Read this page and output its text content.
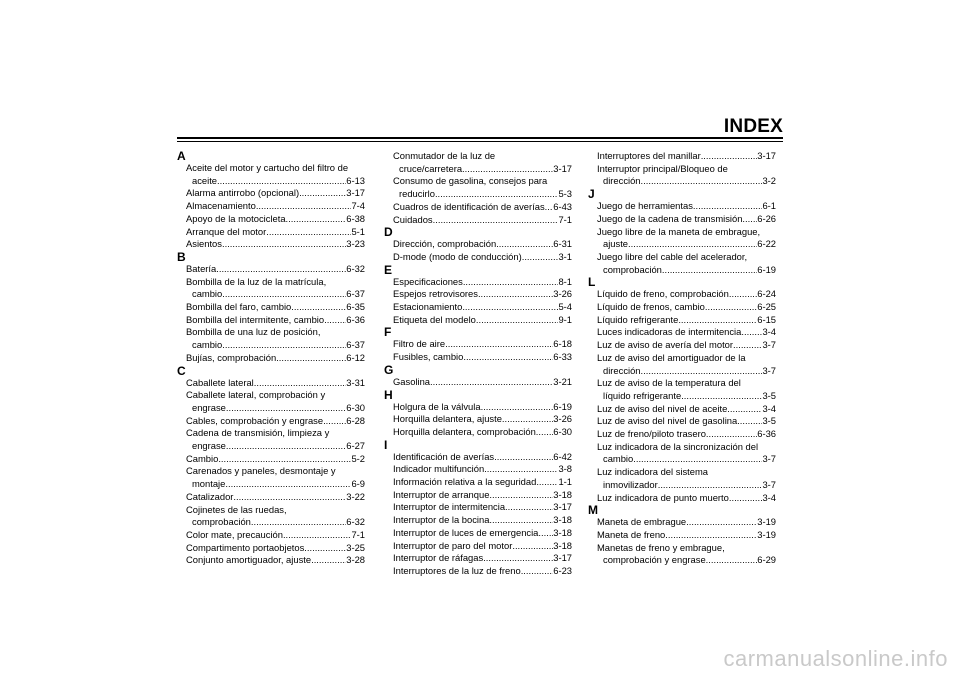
INDEX
A
Aceite del motor y cartucho del filtro de
aceite .....	6-13
Alarma antirrobo (opcional) .....	3-17
Almacenamiento .....	7-4
Apoyo de la motocicleta .....	6-38
Arranque del motor .....	5-1
Asientos .....	3-23
B
Batería .....	6-32
Bombilla de la luz de la matrícula,
cambio .....	6-37
Bombilla del faro, cambio .....	6-35
Bombilla del intermitente, cambio ..... 6-36
Bombilla de una luz de posición,
cambio .....	6-37
Bujías, comprobación .....	6-12
C
Caballete lateral .....	3-31
Caballete lateral, comprobación y
engrase .....	6-30
Cables, comprobación y engrase ..... 6-28
Cadena de transmisión, limpieza y
engrase .....	6-27
Cambio .....	5-2
Carenados y paneles, desmontaje y
montaje .....	6-9
Catalizador .....	3-22
Cojinetes de las ruedas,
comprobación .....	6-32
Color mate, precaución .....	7-1
Compartimento portaobjetos .....	3-25
Conjunto amortiguador, ajuste .....	3-28
Conmutador de la luz de
cruce/carretera .....	3-17
Consumo de gasolina, consejos para
reducirlo .....	5-3
Cuadros de identificación de averías ..... 6-43
Cuidados .....	7-1
D
Dirección, comprobación .....	6-31
D-mode (modo de conducción) .....	3-1
E
Especificaciones .....	8-1
Espejos retrovisores .....	3-26
Estacionamiento .....	5-4
Etiqueta del modelo .....	9-1
F
Filtro de aire .....	6-18
Fusibles, cambio .....	6-33
G
Gasolina .....	3-21
H
Holgura de la válvula .....	6-19
Horquilla delantera, ajuste .....	3-26
Horquilla delantera, comprobación ..... 6-30
I
Identificación de averías .....	6-42
Indicador multifunción .....	3-8
Información relativa a la seguridad ..... 1-1
Interruptor de arranque .....	3-18
Interruptor de intermitencia .....	3-17
Interruptor de la bocina .....	3-18
Interruptor de luces de emergencia ..... 3-18
Interruptor de paro del motor .....	3-18
Interruptor de ráfagas .....	3-17
Interruptores de la luz de freno .....	6-23
Interruptores del manillar .....	3-17
Interruptor principal/Bloqueo de
dirección .....	3-2
J
Juego de herramientas .....	6-1
Juego de la cadena de transmisión ..... 6-26
Juego libre de la maneta de embrague,
ajuste .....	6-22
Juego libre del cable del acelerador,
comprobación .....	6-19
L
Líquido de freno, comprobación .....	6-24
Líquido de frenos, cambio .....	6-25
Líquido refrigerante .....	6-15
Luces indicadoras de intermitencia ..... 3-4
Luz de aviso de avería del motor .....	3-7
Luz de aviso del amortiguador de la
dirección .....	3-7
Luz de aviso de la temperatura del
líquido refrigerante .....	3-5
Luz de aviso del nivel de aceite .....	3-4
Luz de aviso del nivel de gasolina .....	3-5
Luz de freno/piloto trasero .....	6-36
Luz indicadora de la sincronización del
cambio .....	3-7
Luz indicadora del sistema
inmovilizador .....	3-7
Luz indicadora de punto muerto .....	3-4
M
Maneta de embrague .....	3-19
Maneta de freno .....	3-19
Manetas de freno y embrague,
comprobación y engrase .....	6-29
carmanualsonline.info
